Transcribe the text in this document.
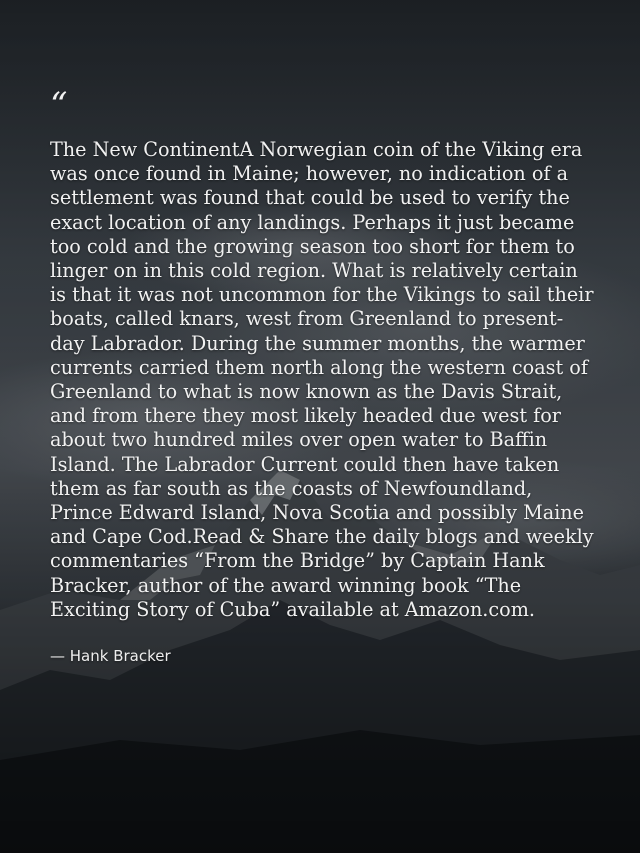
“

The New ContinentA Norwegian coin of the Viking era was once found in Maine; however, no indication of a settlement was found that could be used to verify the exact location of any landings. Perhaps it just became too cold and the growing season too short for them to linger on in this cold region. What is relatively certain is that it was not uncommon for the Vikings to sail their boats, called knars, west from Greenland to present-day Labrador. During the summer months, the warmer currents carried them north along the western coast of Greenland to what is now known as the Davis Strait, and from there they most likely headed due west for about two hundred miles over open water to Baffin Island. The Labrador Current could then have taken them as far south as the coasts of Newfoundland, Prince Edward Island, Nova Scotia and possibly Maine and Cape Cod.Read & Share the daily blogs and weekly commentaries “From the Bridge” by Captain Hank Bracker, author of the award winning book “The Exciting Story of Cuba” available at Amazon.com.

— Hank Bracker
